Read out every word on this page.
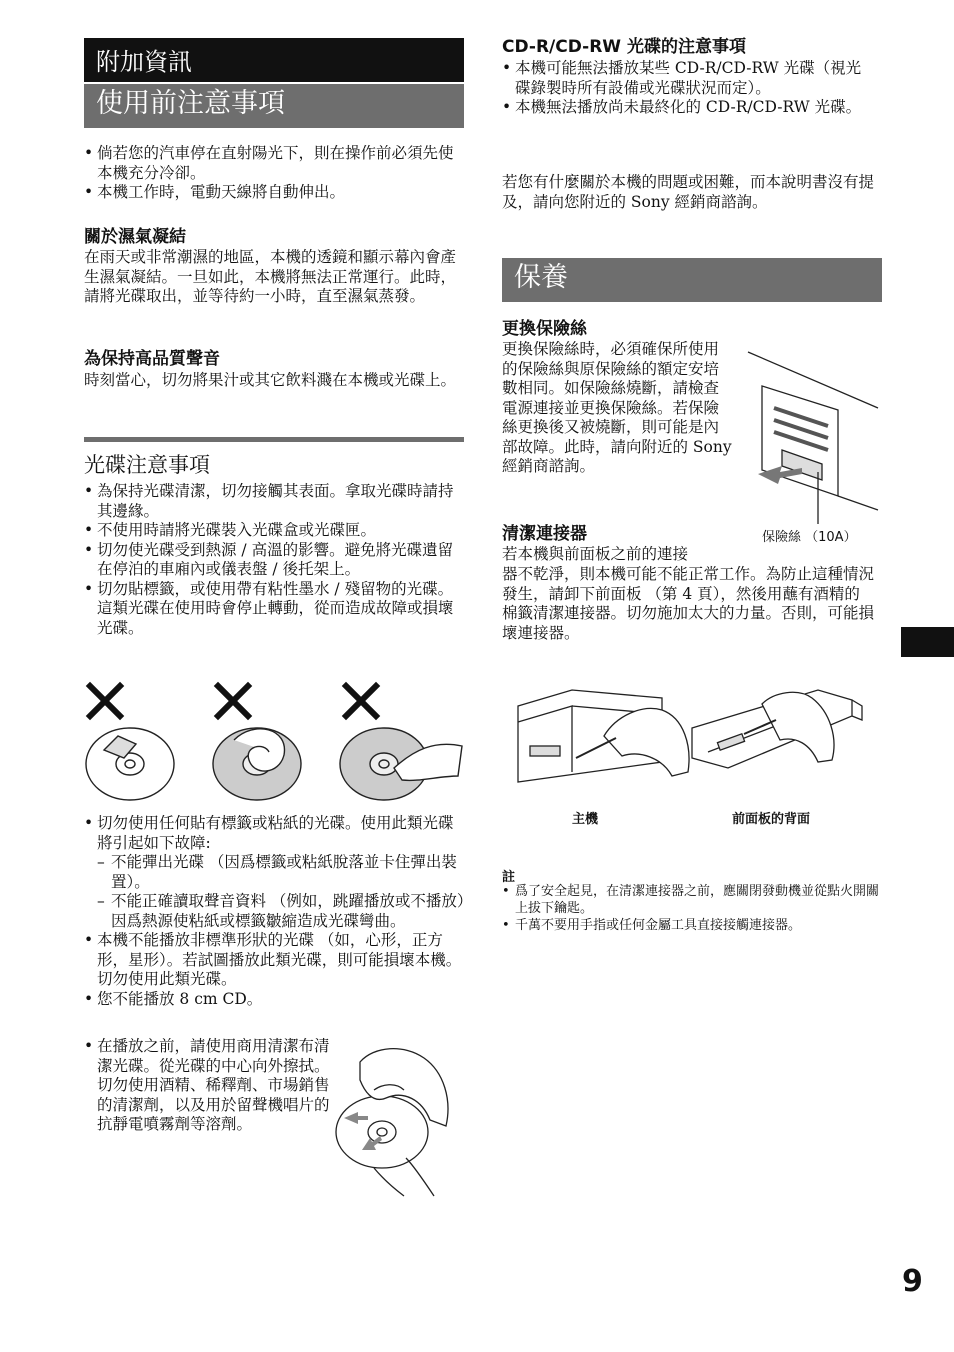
附加資訊
使用前注意事項
• 倘若您的汽車停在直射陽光下，則在操作前必須先使本機充分冷卻。
• 本機工作時，電動天線將自動伸出。
關於濕氣凝結
在雨天或非常潮濕的地區，本機的透鏡和顯示幕內會產生濕氣凝結。一旦如此，本機將無法正常運行。此時，請將光碟取出，並等待約一小時，直至濕氣蒸發。
為保持高品質聲音
時刻當心，切勿將果汁或其它飲料濺在本機或光碟上。
光碟注意事項
• 為保持光碟清潔，切勿接觸其表面。拿取光碟時請持其邊緣。
• 不使用時請將光碟裝入光碟盒或光碟匣。
• 切勿使光碟受到熱源 / 高溫的影響。避免將光碟遺留在停泊的車廂內或儀表盤 / 後托架上。
• 切勿貼標籤，或使用帶有粘性墨水 / 殘留物的光碟。這類光碟在使用時會停止轉動，從而造成故障或損壞光碟。
• 切勿使用任何貼有標籤或粘紙的光碟。使用此類光碟將引起如下故障:
– 不能彈出光碟 （因爲標籤或粘紙脫落並卡住彈出裝置）。
– 不能正確讀取聲音資料 （例如，跳躍播放或不播放）因爲熱源使粘紙或標籤皺縮造成光碟彎曲。
• 本機不能播放非標準形狀的光碟 （如，心形，正方形，星形）。若試圖播放此類光碟，則可能損壞本機。切勿使用此類光碟。
• 您不能播放 8 cm CD。
• 在播放之前，請使用商用清潔布清潔光碟。從光碟的中心向外擦拭。切勿使用酒精、稀釋劑、市場銷售的清潔劑，以及用於留聲機唱片的抗靜電噴霧劑等溶劑。
CD-R/CD-RW 光碟的注意事項
• 本機可能無法播放某些 CD-R/CD-RW 光碟（視光碟錄製時所有設備或光碟狀況而定）。
• 本機無法播放尚未最終化的 CD-R/CD-RW 光碟。
若您有什麼關於本機的問題或困難，而本說明書沒有提及，請向您附近的 Sony 經銷商諮詢。
保養
更換保險絲
更換保險絲時，必須確保所使用的保險絲與原保險絲的額定安培數相同。如保險絲燒斷，請檢查電源連接並更換保險絲。若保險絲更換後又被燒斷，則可能是內部故障。此時，請向附近的 Sony 經銷商諮詢。
保險絲 （10A）
清潔連接器
若本機與前面板之前的連接
器不乾淨，則本機可能不能正常工作。為防止這種情況發生，請卸下前面板 （第 4 頁），然後用蘸有酒精的棉籤清潔連接器。切勿施加太大的力量。否則，可能損壞連接器。
主機	前面板的背面
註
• 爲了安全起見，在清潔連接器之前，應關閉發動機並從點火開關上拔下鑰匙。
• 千萬不要用手指或任何金屬工具直接接觸連接器。
9
